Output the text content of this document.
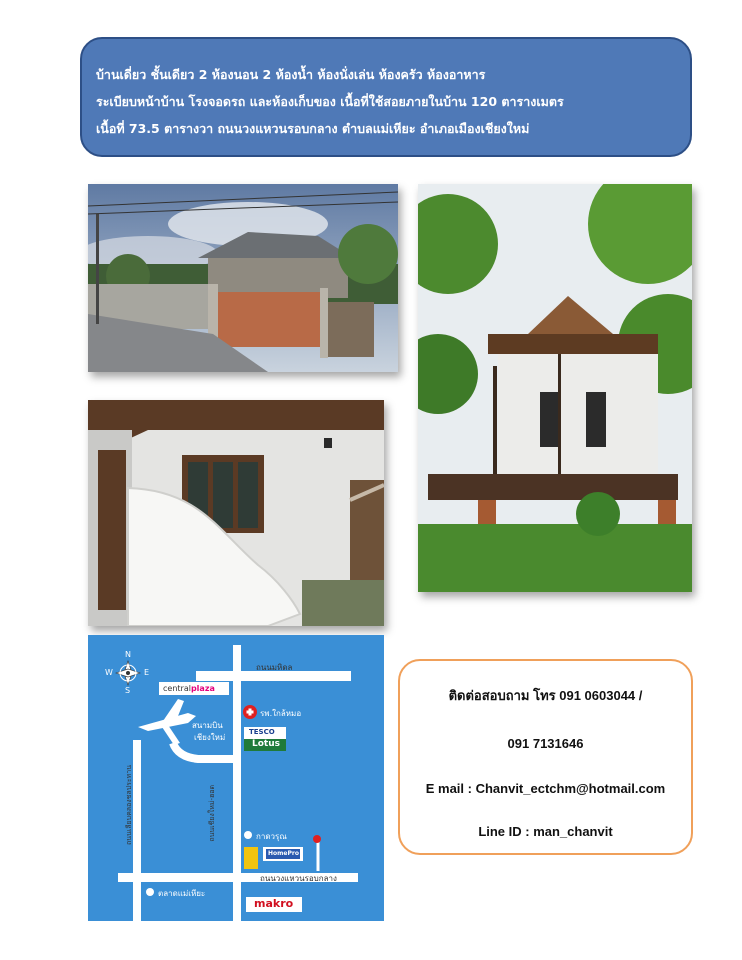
บ้านเดี่ยว ชั้นเดียว 2 ห้องนอน 2 ห้องน้ำ ห้องนั่งเล่น ห้องครัว ห้องอาหาร
ระเบียบหน้าบ้าน โรงจอดรถ และห้องเก็บของ เนื้อที่ใช้สอยภายในบ้าน 120 ตารางเมตร
เนื้อที่ 73.5 ตารางวา ถนนวงแหวนรอบกลาง ตำบลแม่เหียะ อำเภอเมืองเชียงใหม่
N
E
S
W
centralplaza
ถนนมหิดล
สนามบิน
เชียงใหม่
รพ.ใกล้หมอ
TESCO
Lotus
ถนนเชียงใหม่-ฮอด
ถนนเลียบคลองชลประทาน	กาดวรุณ
HomePro
ตลาดแม่เหียะ
ถนนวงแหวนรอบกลาง
makro
ติดต่อสอบถาม โทร 091 0603044 /
091 7131646
E mail : Chanvit_ectchm@hotmail.com
Line ID : man_chanvit
